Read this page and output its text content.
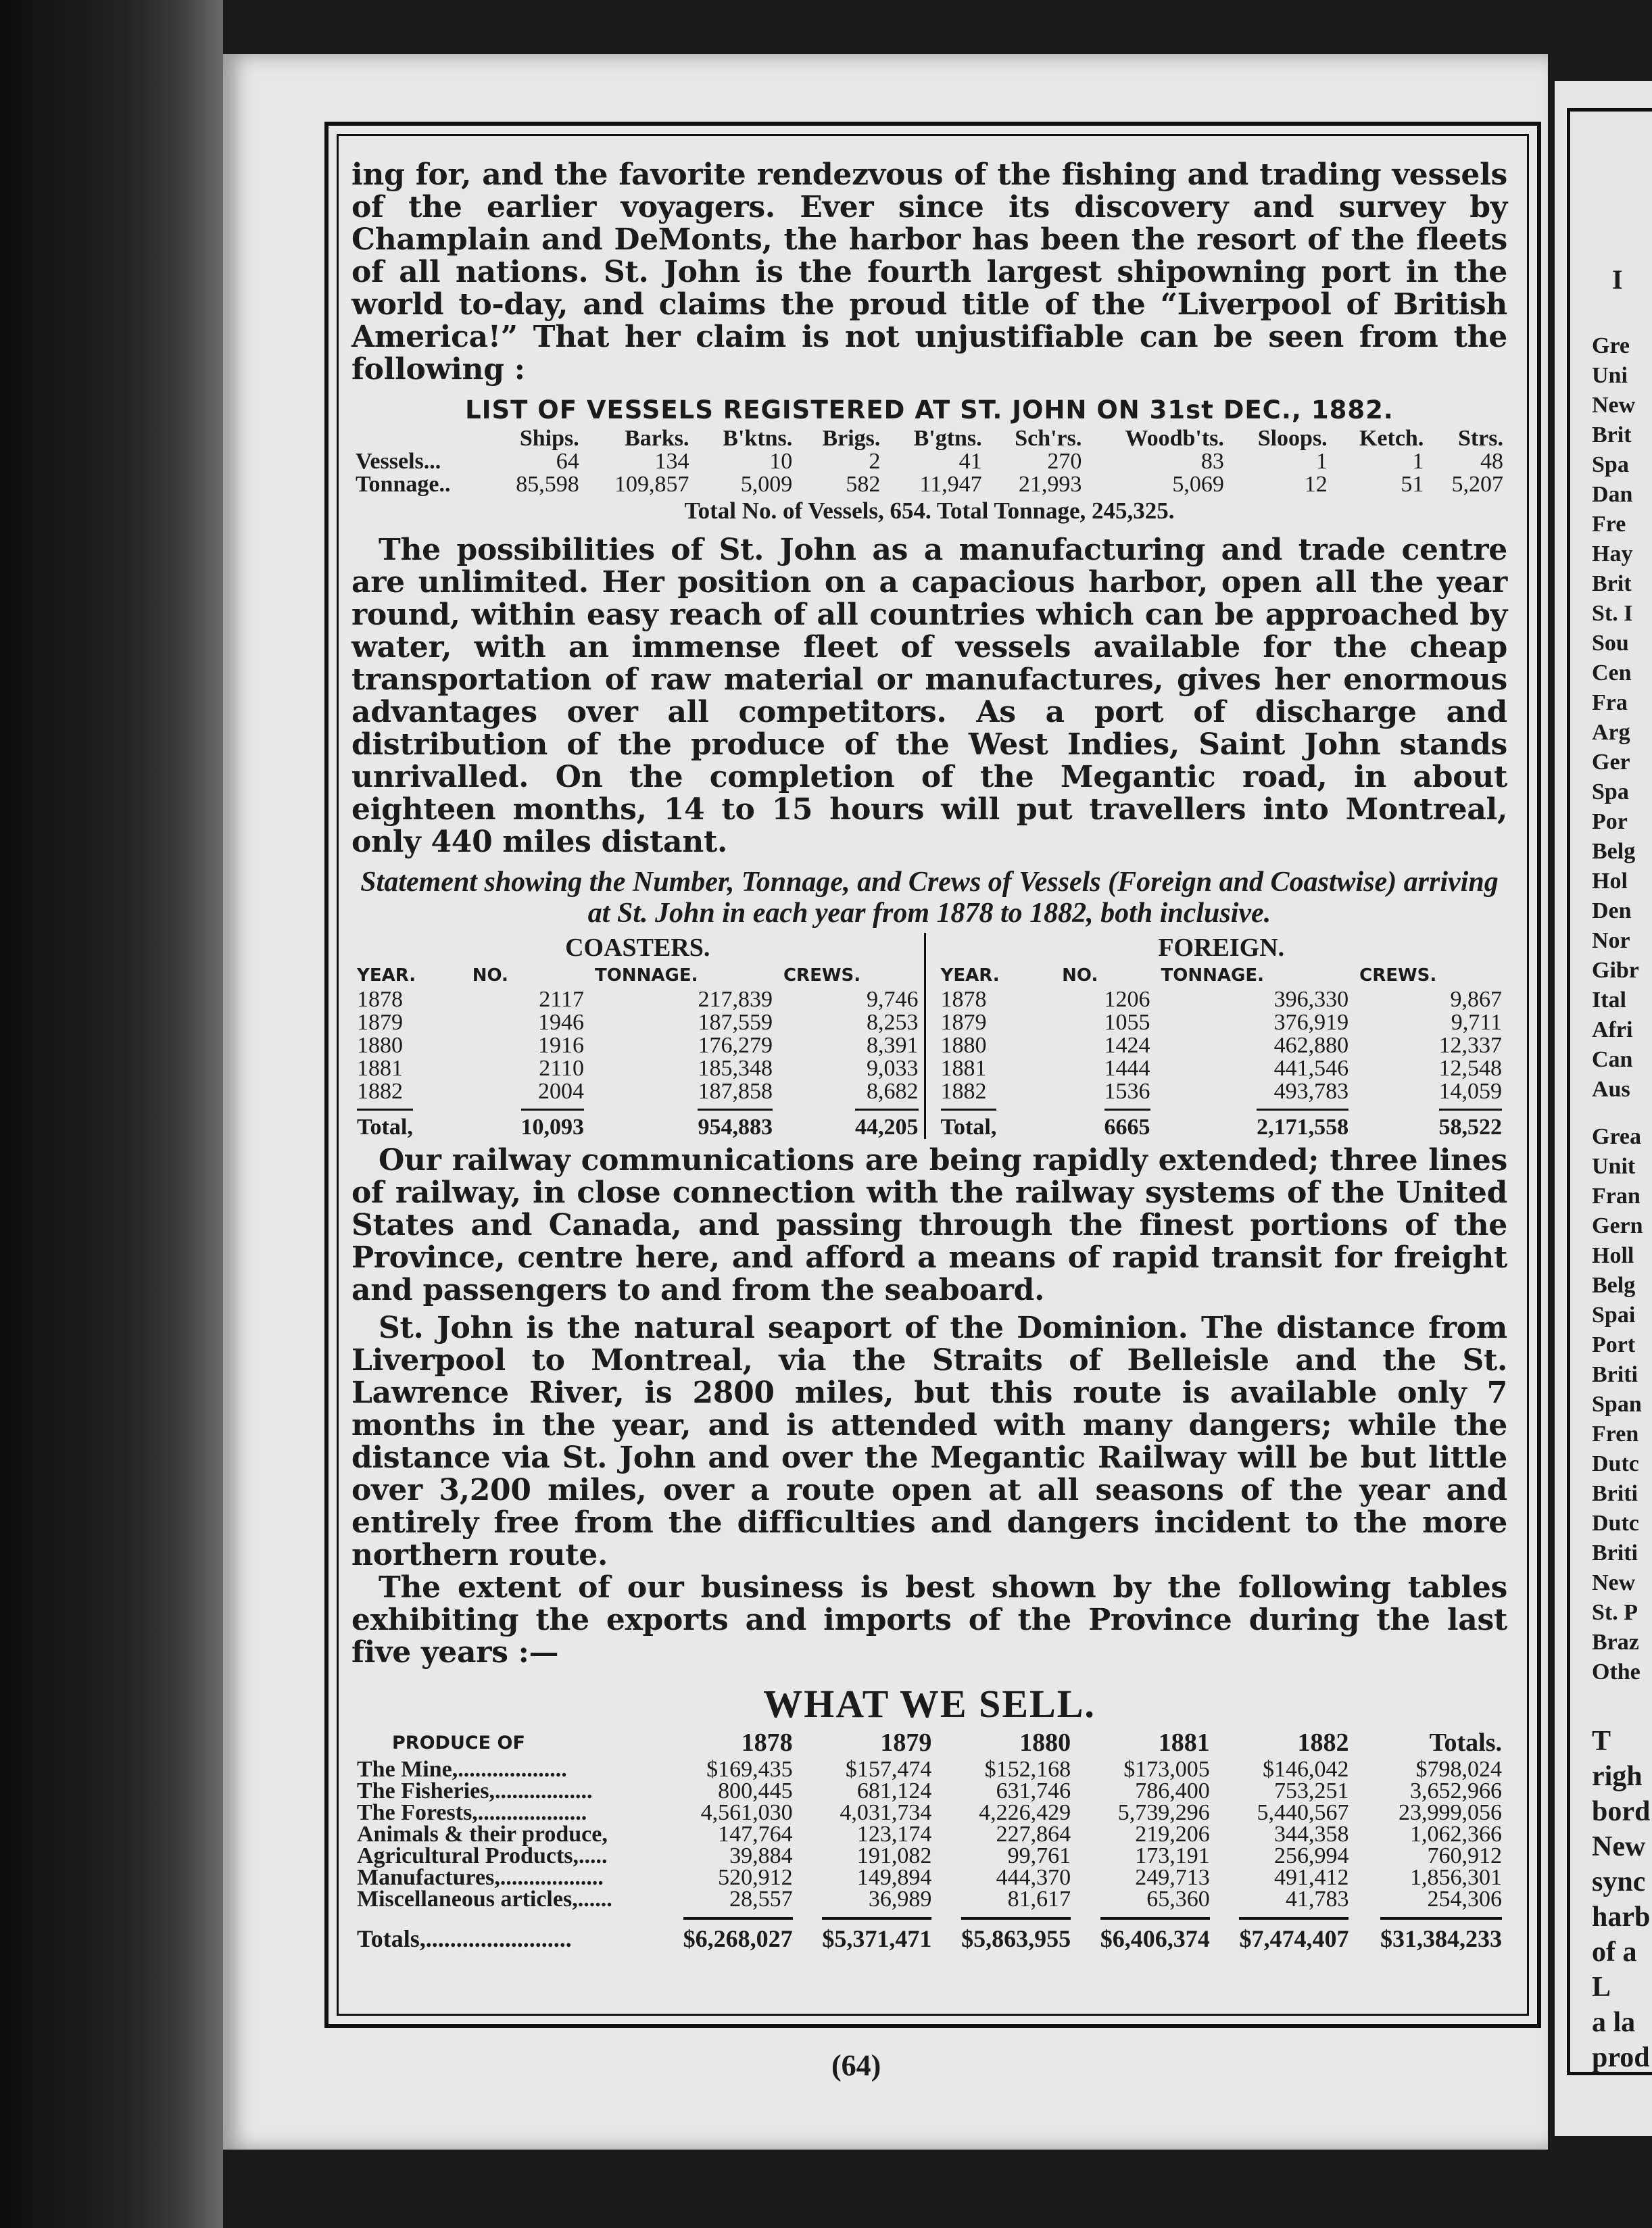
I
Gre
Uni
New
Brit
Spa
Dan
Fre
Hay
Brit
St. I
Sou
Cen
Fra
Arg
Ger
Spa
Por
Belg
Hol
Den
Nor
Gibr
Ital
Afri
Can
Aus
Grea
Unit
Fran
Gern
Holl
Belg
Spai
Port
Briti
Span
Fren
Dutc
Briti
Dutc
Briti
New
St. P
Braz
Othe
T
righ
bord
New
sync
harb
of a
L
a la
prod

ing for, and the favorite rendezvous of the fishing and trading vessels of the earlier voyagers. Ever since its discovery and survey by Champlain and DeMonts, the harbor has been the resort of the fleets of all nations. St. John is the fourth largest shipowning port in the world to-day, and claims the proud title of the “Liverpool of British America!” That her claim is not unjustifiable can be seen from the following :

LIST OF VESSELS REGISTERED AT ST. JOHN ON 31st DEC., 1882.
	Ships.	Barks.	B'ktns.	Brigs.	B'gtns.	Sch'rs.	Woodb'ts.	Sloops.	Ketch.	Strs.
Vessels...	64	134	10	2	41	270	83	1	1	48
Tonnage..	85,598	109,857	5,009	582	11,947	21,993	5,069	12	51	5,207
Total No. of Vessels, 654. Total Tonnage, 245,325.

The possibilities of St. John as a manufacturing and trade centre are unlimited. Her position on a capacious harbor, open all the year round, within easy reach of all countries which can be approached by water, with an immense fleet of vessels available for the cheap transportation of raw material or manufactures, gives her enormous advantages over all competitors. As a port of discharge and distribution of the produce of the West Indies, Saint John stands unrivalled. On the completion of the Megantic road, in about eighteen months, 14 to 15 hours will put travellers into Montreal, only 440 miles distant.

Statement showing the Number, Tonnage, and Crews of Vessels (Foreign and Coastwise) arriving at St. John in each year from 1878 to 1882, both inclusive.
COASTERS.
YEAR.	NO.	TONNAGE.	CREWS.
1878	2117	217,839	9,746
1879	1946	187,559	8,253
1880	1916	176,279	8,391
1881	2110	185,348	9,033
1882	2004	187,858	8,682
Total,	10,093	954,883	44,205
FOREIGN.
YEAR.	NO.	TONNAGE.	CREWS.
1878	1206	396,330	9,867
1879	1055	376,919	9,711
1880	1424	462,880	12,337
1881	1444	441,546	12,548
1882	1536	493,783	14,059
Total,	6665	2,171,558	58,522

Our railway communications are being rapidly extended; three lines of railway, in close connection with the railway systems of the United States and Canada, and passing through the finest portions of the Province, centre here, and afford a means of rapid transit for freight and passengers to and from the seaboard.

St. John is the natural seaport of the Dominion. The distance from Liverpool to Montreal, via the Straits of Belleisle and the St. Lawrence River, is 2800 miles, but this route is available only 7 months in the year, and is attended with many dangers; while the distance via St. John and over the Megantic Railway will be but little over 3,200 miles, over a route open at all seasons of the year and entirely free from the difficulties and dangers incident to the more northern route.

The extent of our business is best shown by the following tables exhibiting the exports and imports of the Province during the last five years :—

WHAT WE SELL.
PRODUCE OF	1878	1879	1880	1881	1882	Totals.
The Mine,...................	$169,435	$157,474	$152,168	$173,005	$146,042	$798,024
The Fisheries,.................	800,445	681,124	631,746	786,400	753,251	3,652,966
The Forests,...................	4,561,030	4,031,734	4,226,429	5,739,296	5,440,567	23,999,056
Animals & their produce,	147,764	123,174	227,864	219,206	344,358	1,062,366
Agricultural Products,.....	39,884	191,082	99,761	173,191	256,994	760,912
Manufactures,..................	520,912	149,894	444,370	249,713	491,412	1,856,301
Miscellaneous articles,......	28,557	36,989	81,617	65,360	41,783	254,306
Totals,........................	$6,268,027	$5,371,471	$5,863,955	$6,406,374	$7,474,407	$31,384,233
(64)
